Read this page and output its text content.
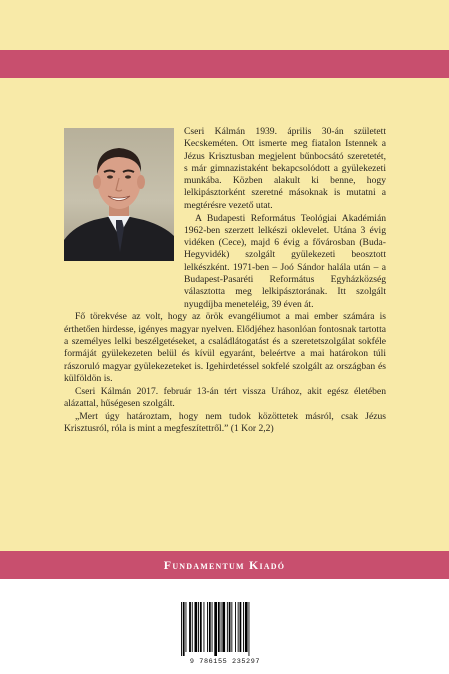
Cseri Kálmán 1939. április 30-án született Kecskeméten. Ott ismerte meg fiatalon Istennek a Jézus Krisztusban megjelent bűnbocsátó szeretetét, s már gimnazistaként bekapcsolódott a gyülekezeti munkába. Közben alakult ki benne, hogy lelkipásztorként szeretné másoknak is mutatni a megtérésre vezető utat.

A Budapesti Református Teológiai Akadémián 1962-ben szerzett lelkészi oklevelet. Utána 3 évig vidéken (Cece), majd 6 évig a fővárosban (Buda-Hegyvidék) szolgált gyülekezeti beosztott lelkészként. 1971-ben – Joó Sándor halála után – a Budapest-Pasaréti Református Egyházközség választotta meg lelkipásztorának. Itt szolgált nyugdíjba meneteléig, 39 éven át.

Fő törekvése az volt, hogy az örök evangéliumot a mai ember számára is érthetően hirdesse, igényes magyar nyelven. Elődjéhez hasonlóan fontosnak tartotta a személyes lelki beszélgetéseket, a családlátogatást és a szeretetszolgálat sokféle formáját gyülekezeten belül és kívül egyaránt, beleértve a mai határokon túli rászoruló magyar gyülekezeteket is. Igehirdetéssel sokfelé szolgált az országban és külföldön is.

Cseri Kálmán 2017. február 13-án tért vissza Urához, akit egész életében alázattal, hűségesen szolgált.

„Mert úgy határoztam, hogy nem tudok közöttetek másról, csak Jézus Krisztusról, róla is mint a megfeszítettről.” (1 Kor 2,2)

Fundamentum Kiadó
9 786155 235297
